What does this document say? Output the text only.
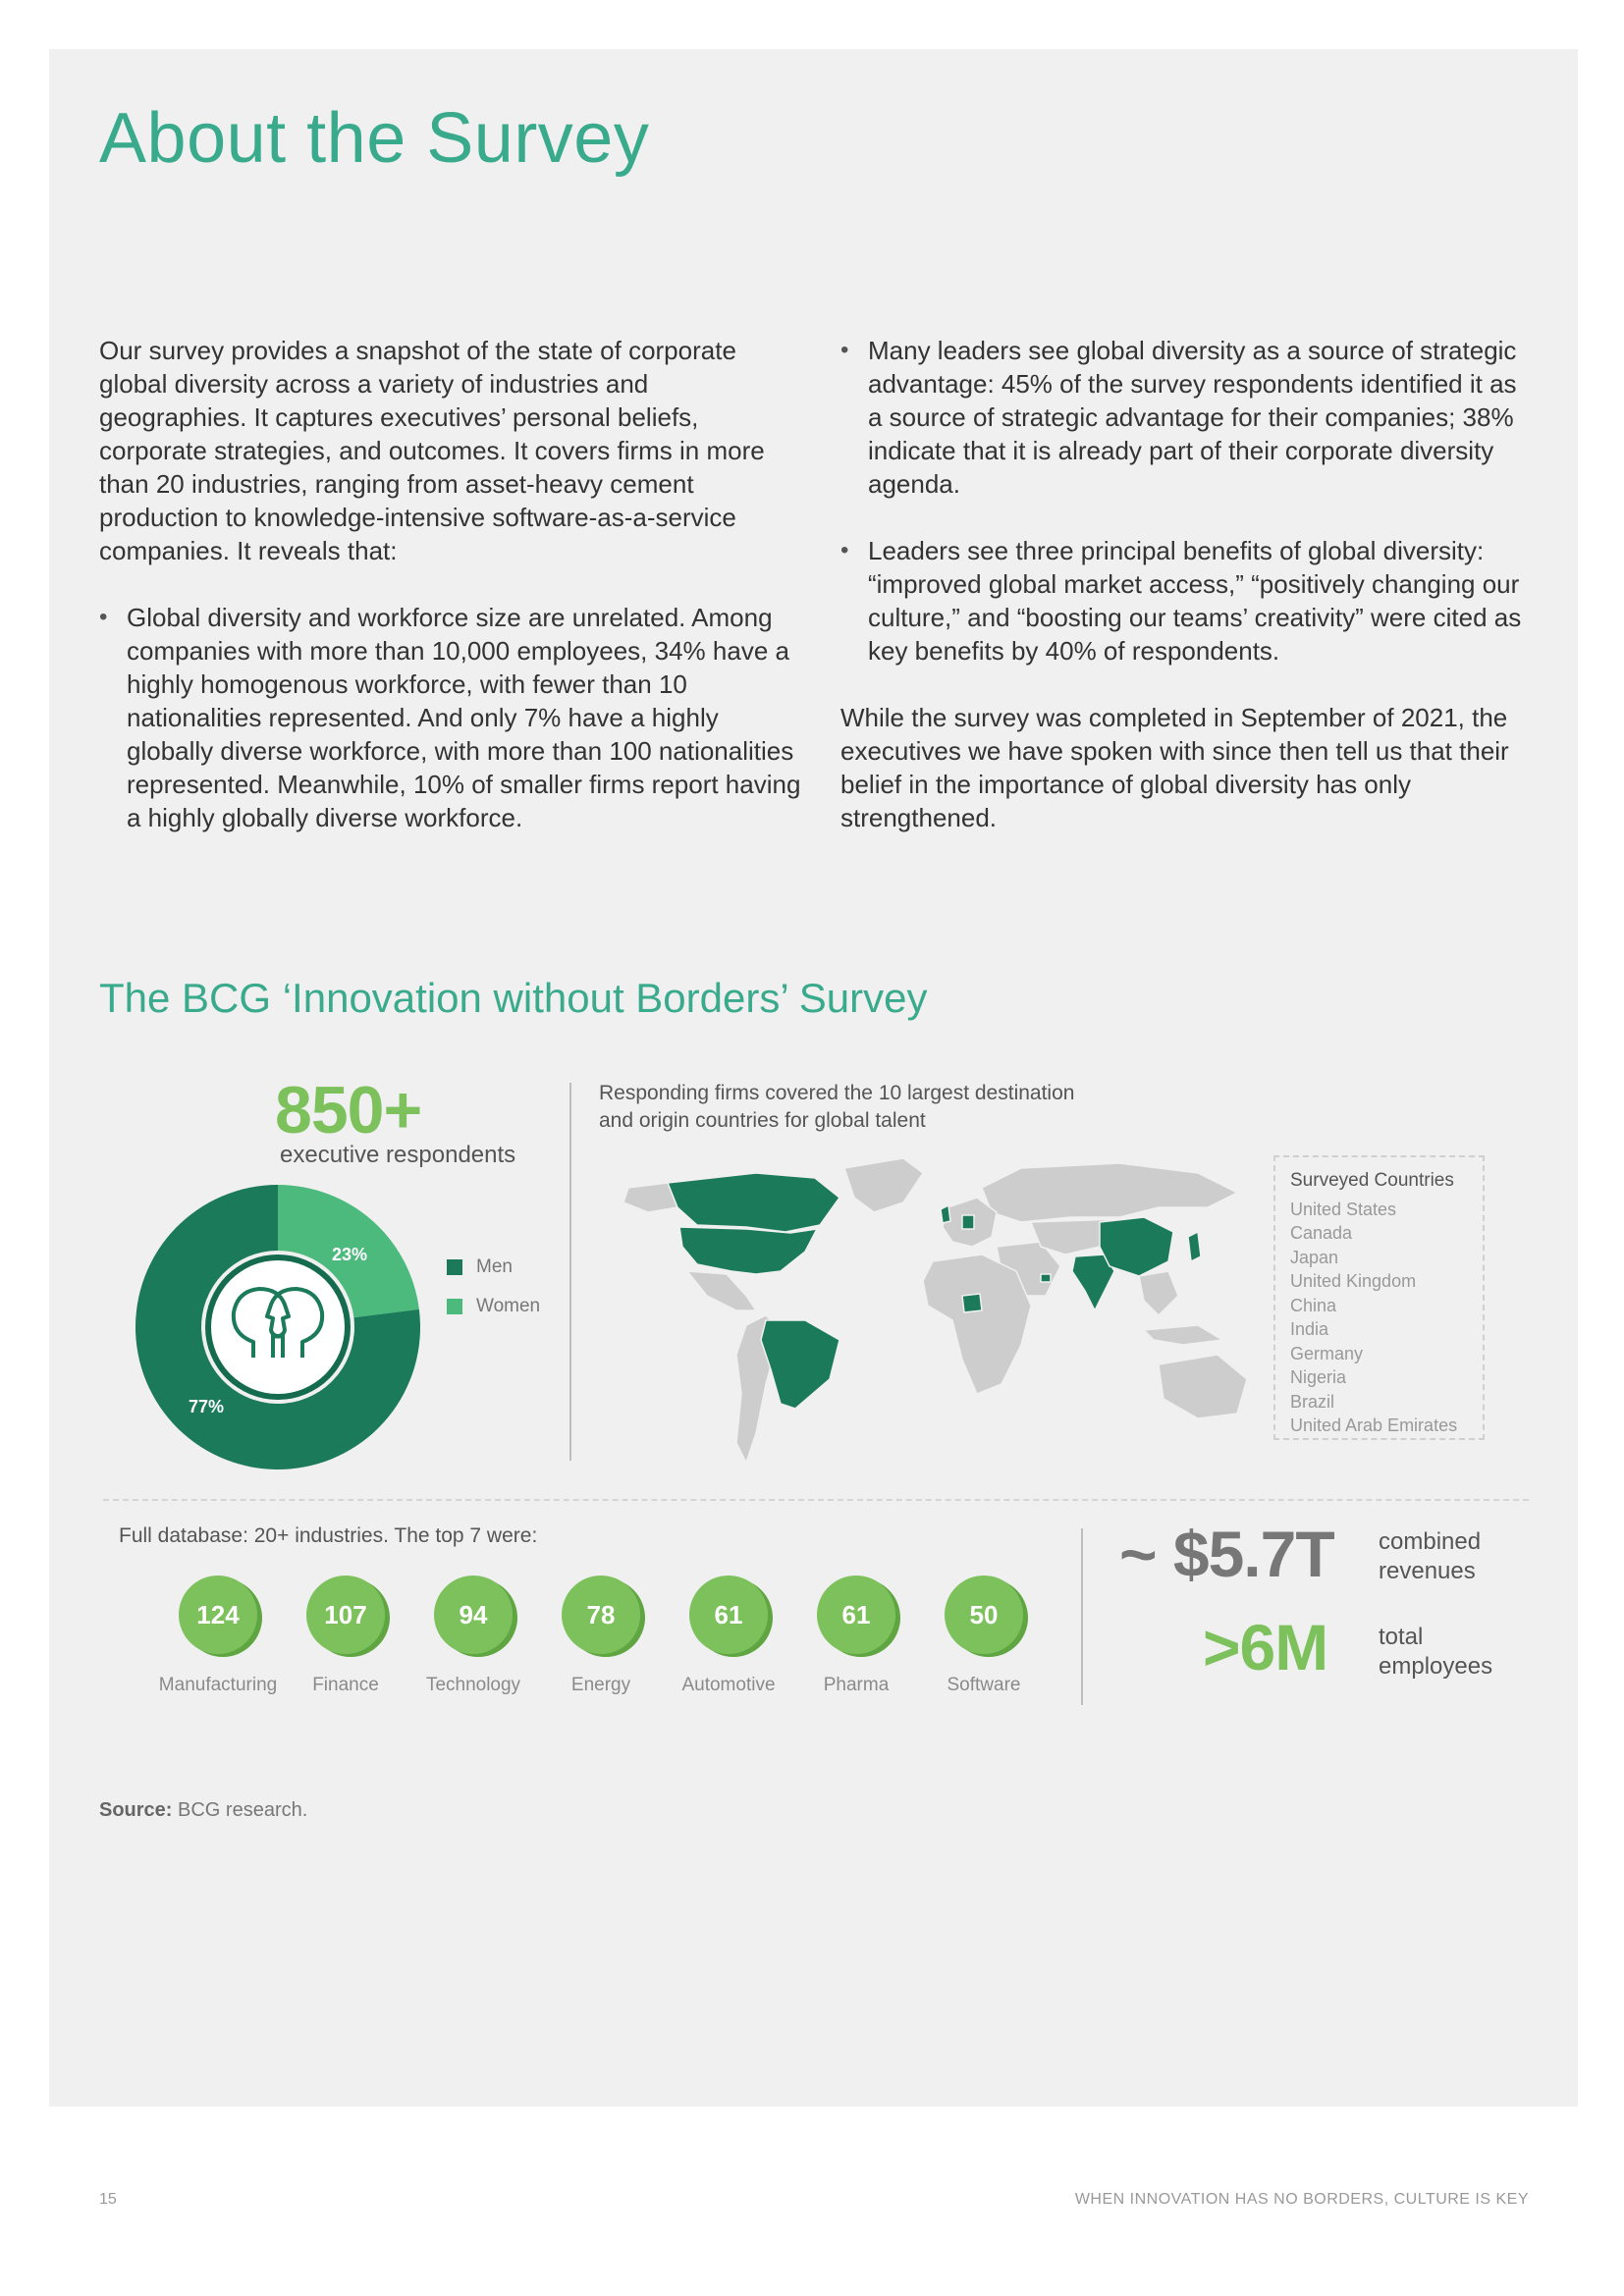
About the Survey

Our survey provides a snapshot of the state of corporate global diversity across a variety of industries and geographies. It captures executives’ personal beliefs, corporate strategies, and outcomes. It covers firms in more than 20 industries, ranging from asset-heavy cement production to knowledge-intensive software-as-a-service companies. It reveals that:

• Global diversity and workforce size are unrelated. Among companies with more than 10,000 employees, 34% have a highly homogenous workforce, with fewer than 10 nationalities represented. And only 7% have a highly globally diverse workforce, with more than 100 nationalities represented. Meanwhile, 10% of smaller firms report having a highly globally diverse workforce.
• Many leaders see global diversity as a source of strategic advantage: 45% of the survey respondents identified it as a source of strategic advantage for their companies; 38% indicate that it is already part of their corporate diversity agenda.
• Leaders see three principal benefits of global diversity: “improved global market access,” “positively changing our culture,” and “boosting our teams’ creativity” were cited as key benefits by 40% of respondents.

While the survey was completed in September of 2021, the executives we have spoken with since then tell us that their belief in the importance of global diversity has only strengthened.

The BCG ‘Innovation without Borders’ Survey
850+
executive respondents
23%
77%
Men
Women
Responding firms covered the 10 largest destination and origin countries for global talent
Surveyed Countries
United States
Canada
Japan
United Kingdom
China
India
Germany
Nigeria
Brazil
United Arab Emirates
Full database: 20+ industries. The top 7 were:
124
Manufacturing
107
Finance
94
Technology
78
Energy
61
Automotive
61
Pharma
50
Software
~ $5.7T combined revenues
>6M total employees
Source: BCG research.
15	WHEN INNOVATION HAS NO BORDERS, CULTURE IS KEY
